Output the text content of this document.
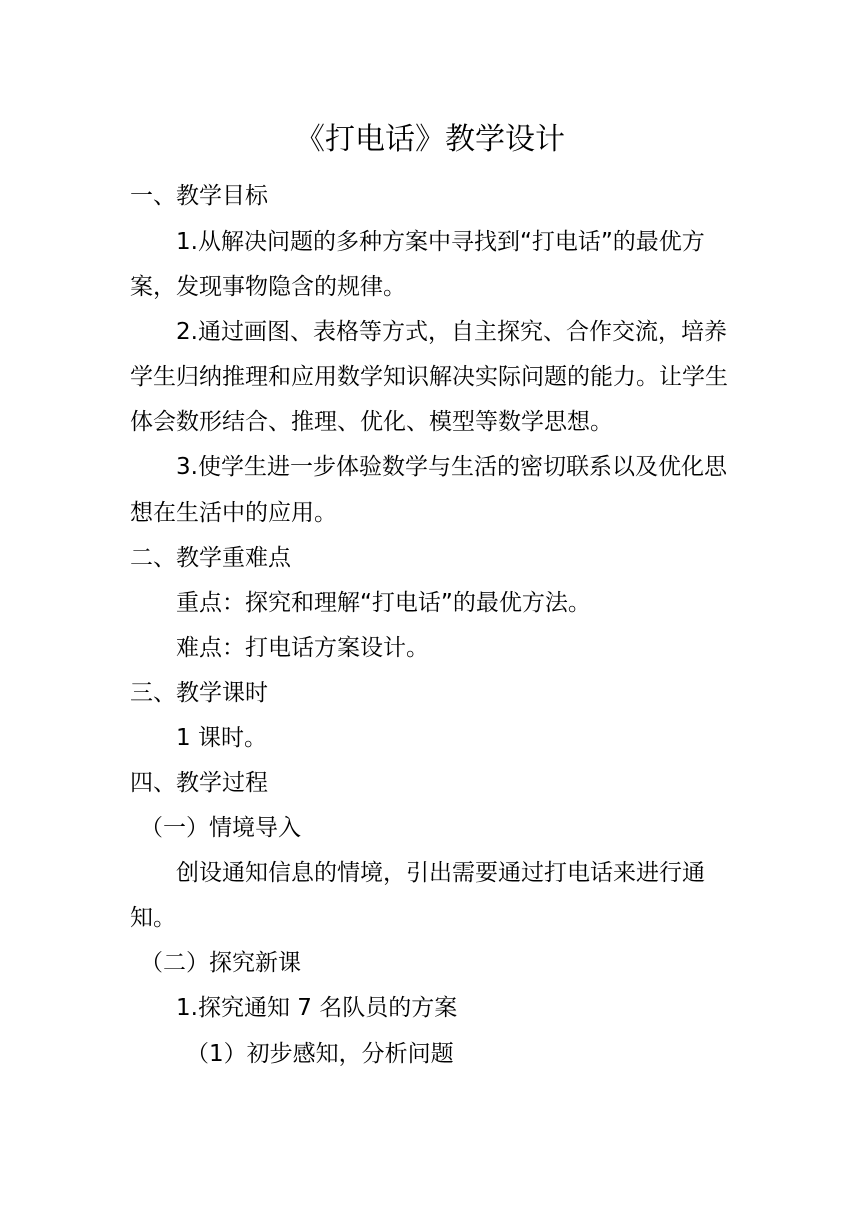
《打电话》教学设计
一、教学目标
1.从解决问题的多种方案中寻找到“打电话”的最优方
案，发现事物隐含的规律。
2.通过画图、表格等方式，自主探究、合作交流，培养
学生归纳推理和应用数学知识解决实际问题的能力。让学生
体会数形结合、推理、优化、模型等数学思想。
3.使学生进一步体验数学与生活的密切联系以及优化思
想在生活中的应用。
二、教学重难点
重点：探究和理解“打电话”的最优方法。
难点：打电话方案设计。
三、教学课时
1 课时。
四、教学过程
（一）情境导入
创设通知信息的情境，引出需要通过打电话来进行通
知。
（二）探究新课
1.探究通知 7 名队员的方案
（1）初步感知，分析问题
